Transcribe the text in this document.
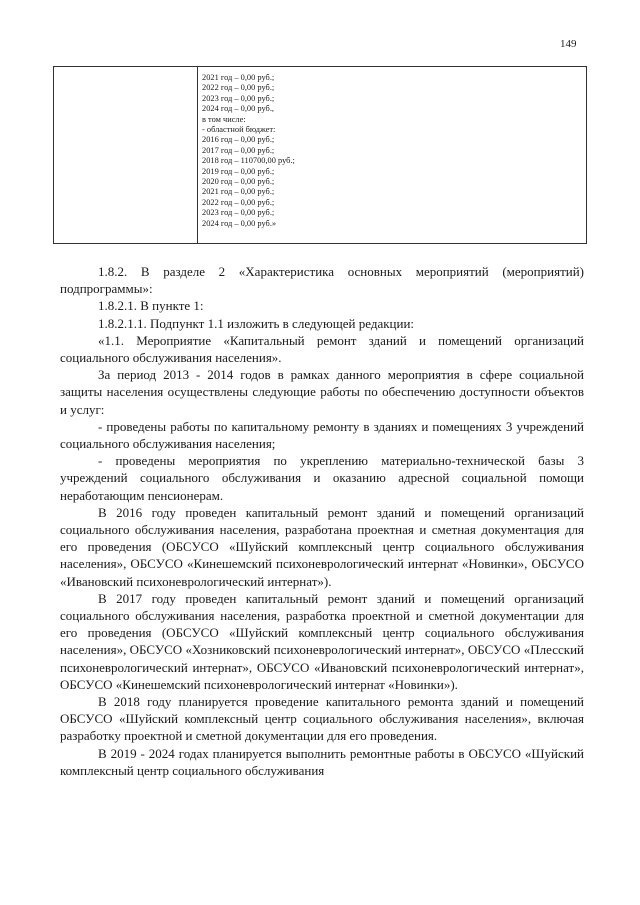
149
2021 год – 0,00 руб.;
2022 год – 0,00 руб.;
2023 год – 0,00 руб.;
2024 год – 0,00 руб.,
в том числе:
- областной бюджет:
2016 год – 0,00 руб.;
2017 год – 0,00 руб.;
2018 год – 110700,00 руб.;
2019 год – 0,00 руб.;
2020 год – 0,00 руб.;
2021 год – 0,00 руб.;
2022 год – 0,00 руб.;
2023 год – 0,00 руб.;
2024 год – 0,00 руб.»

1.8.2. В разделе 2 «Характеристика основных мероприятий (мероприятий) подпрограммы»:

1.8.2.1. В пункте 1:

1.8.2.1.1. Подпункт 1.1 изложить в следующей редакции:

«1.1. Мероприятие «Капитальный ремонт зданий и помещений организаций социального обслуживания населения».

За период 2013 - 2014 годов в рамках данного мероприятия в сфере социальной защиты населения осуществлены следующие работы по обеспечению доступности объектов и услуг:

- проведены работы по капитальному ремонту в зданиях и помещениях 3 учреждений социального обслуживания населения;

- проведены мероприятия по укреплению материально-технической базы 3 учреждений социального обслуживания и оказанию адресной социальной помощи неработающим пенсионерам.

В 2016 году проведен капитальный ремонт зданий и помещений организаций социального обслуживания населения, разработана проектная и сметная документация для его проведения (ОБСУСО «Шуйский комплексный центр социального обслуживания населения», ОБСУСО «Кинешемский психоневрологический интернат «Новинки», ОБСУСО «Ивановский психоневрологический интернат»).

В 2017 году проведен капитальный ремонт зданий и помещений организаций социального обслуживания населения, разработка проектной и сметной документации для его проведения (ОБСУСО «Шуйский комплексный центр социального обслуживания населения», ОБСУСО «Хозниковский психоневрологический интернат», ОБСУСО «Плесский психоневрологический интернат», ОБСУСО «Ивановский психоневрологический интернат», ОБСУСО «Кинешемский психоневрологический интернат «Новинки»).

В 2018 году планируется проведение капитального ремонта зданий и помещений ОБСУСО «Шуйский комплексный центр социального обслуживания населения», включая разработку проектной и сметной документации для его проведения.

В 2019 - 2024 годах планируется выполнить ремонтные работы в ОБСУСО «Шуйский комплексный центр социального обслуживания
